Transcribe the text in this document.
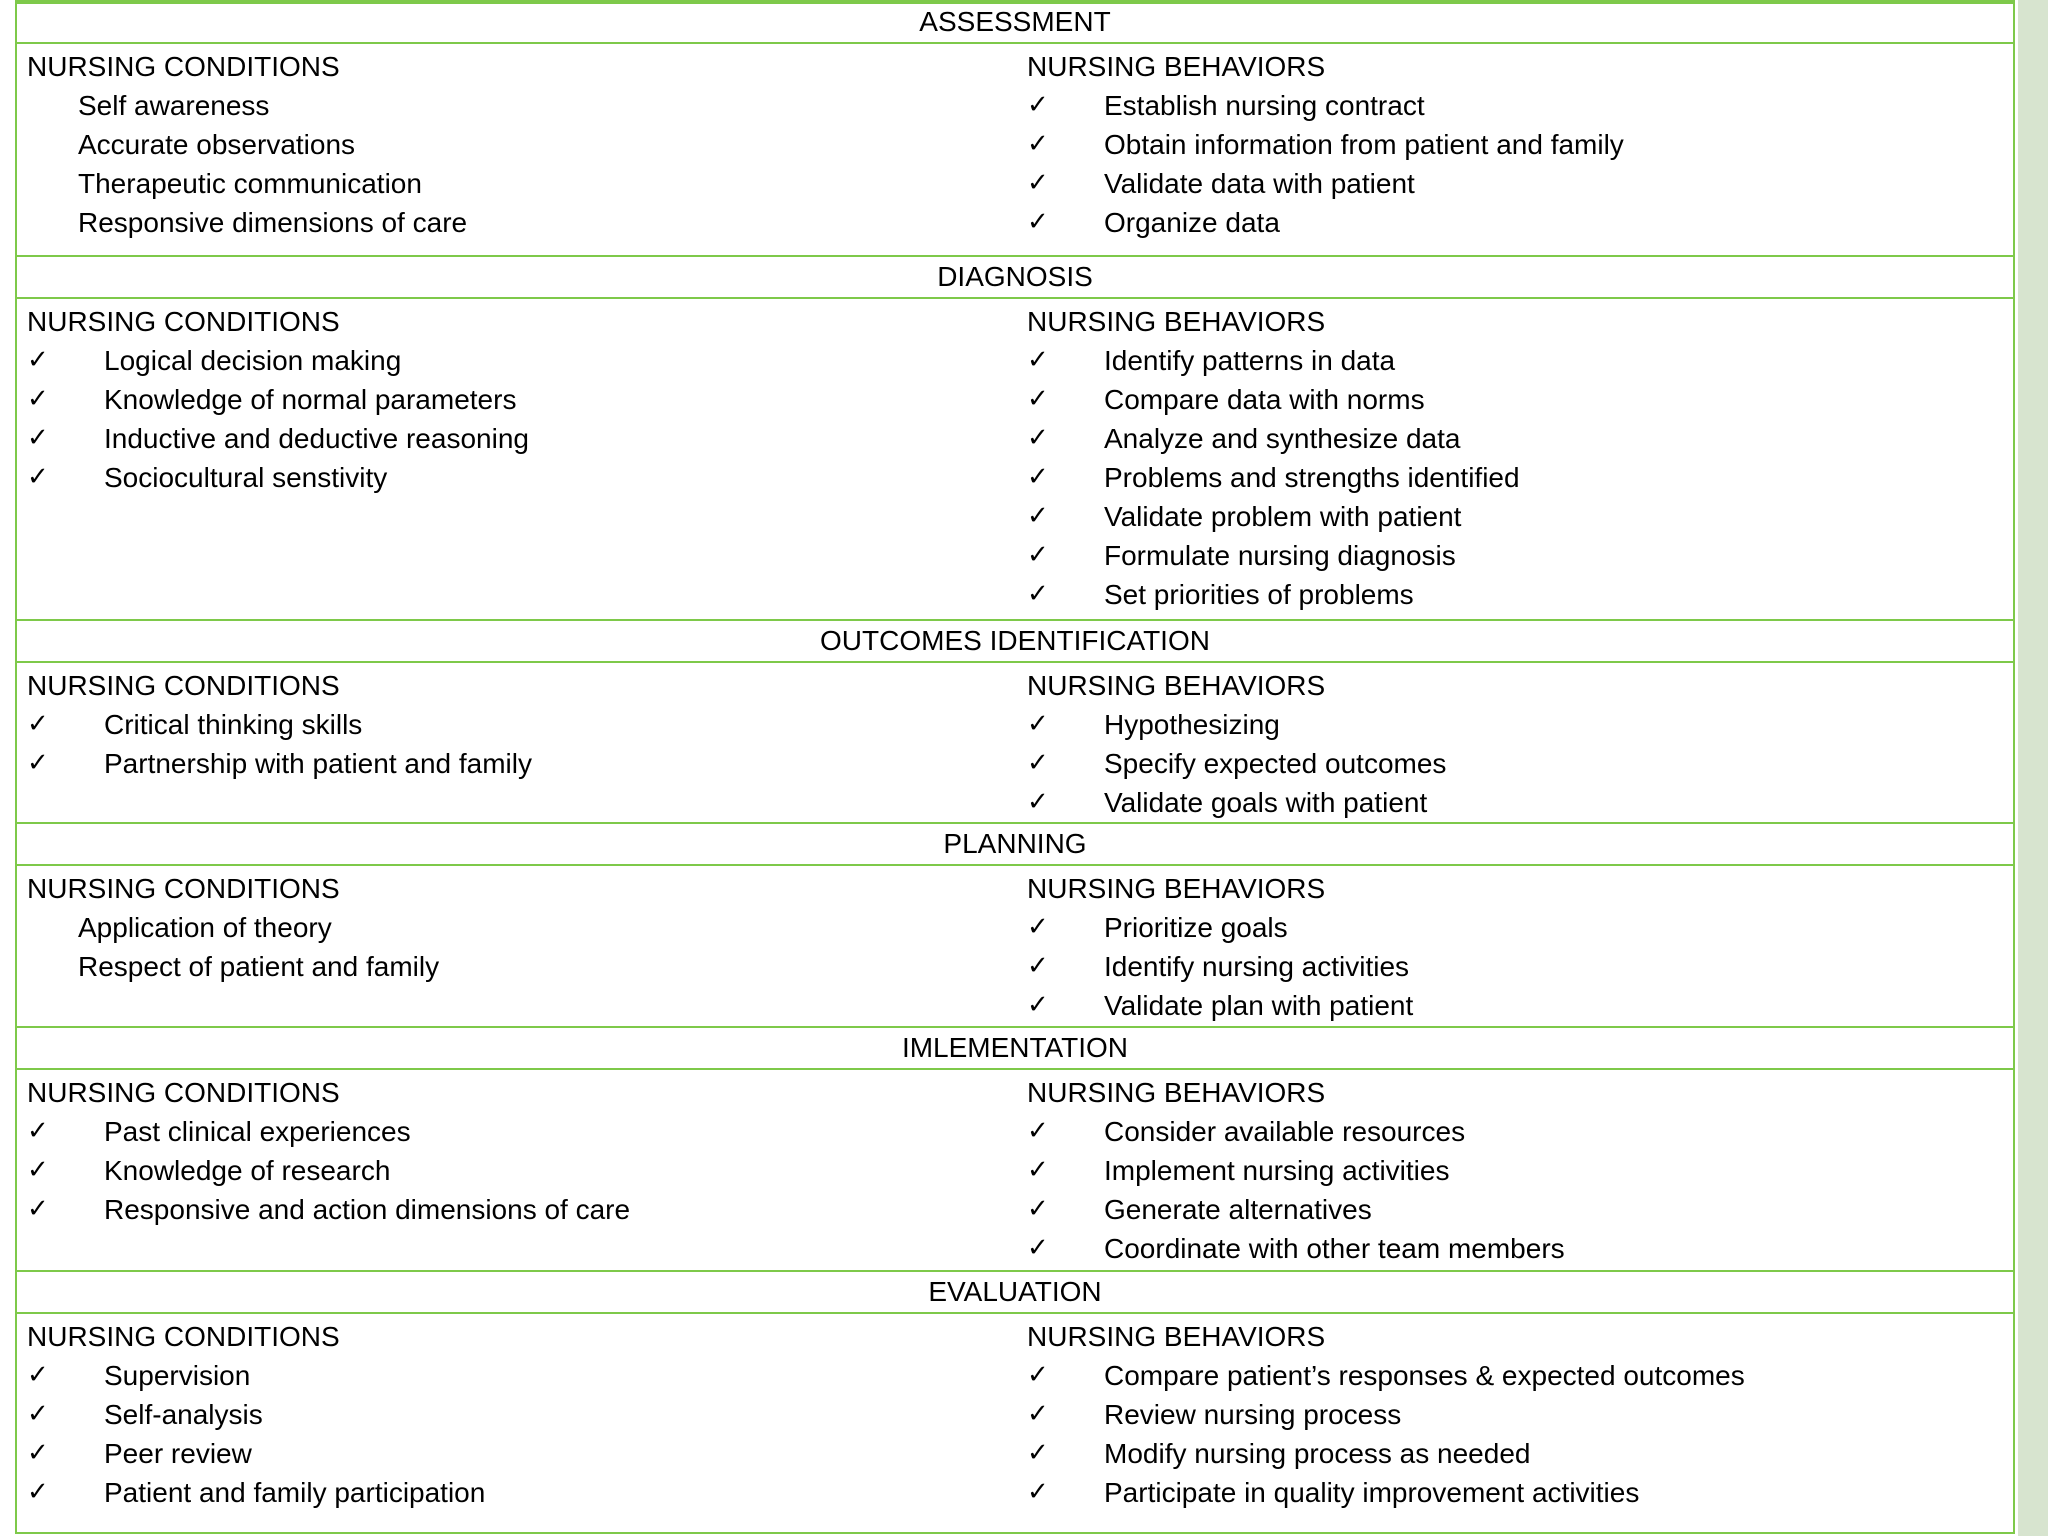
ASSESSMENT
NURSING CONDITIONS
Self awareness
Accurate observations
Therapeutic communication
Responsive dimensions of care
NURSING BEHAVIORS
✓ Establish nursing contract
✓ Obtain information from patient and family
✓ Validate data with patient
✓ Organize data
DIAGNOSIS
NURSING CONDITIONS
✓ Logical decision making
✓ Knowledge of normal parameters
✓ Inductive and deductive reasoning
✓ Sociocultural senstivity
NURSING BEHAVIORS
✓ Identify patterns in data
✓ Compare data with norms
✓ Analyze and synthesize data
✓ Problems and strengths identified
✓ Validate problem with patient
✓ Formulate nursing diagnosis
✓ Set priorities of problems
OUTCOMES IDENTIFICATION
NURSING CONDITIONS
✓ Critical thinking skills
✓ Partnership with patient and family
NURSING BEHAVIORS
✓ Hypothesizing
✓ Specify expected outcomes
✓ Validate goals with patient
PLANNING
NURSING CONDITIONS
Application of theory
Respect of patient and family
NURSING BEHAVIORS
✓ Prioritize goals
✓ Identify nursing activities
✓ Validate plan with patient
IMLEMENTATION
NURSING CONDITIONS
✓ Past clinical experiences
✓ Knowledge of research
✓ Responsive and action dimensions of care
NURSING BEHAVIORS
✓ Consider available resources
✓ Implement nursing activities
✓ Generate alternatives
✓ Coordinate with other team members
EVALUATION
NURSING CONDITIONS
✓ Supervision
✓ Self-analysis
✓ Peer review
✓ Patient and family participation
NURSING BEHAVIORS
✓ Compare patient’s responses & expected outcomes
✓ Review nursing process
✓ Modify nursing process as needed
✓ Participate in quality improvement activities
